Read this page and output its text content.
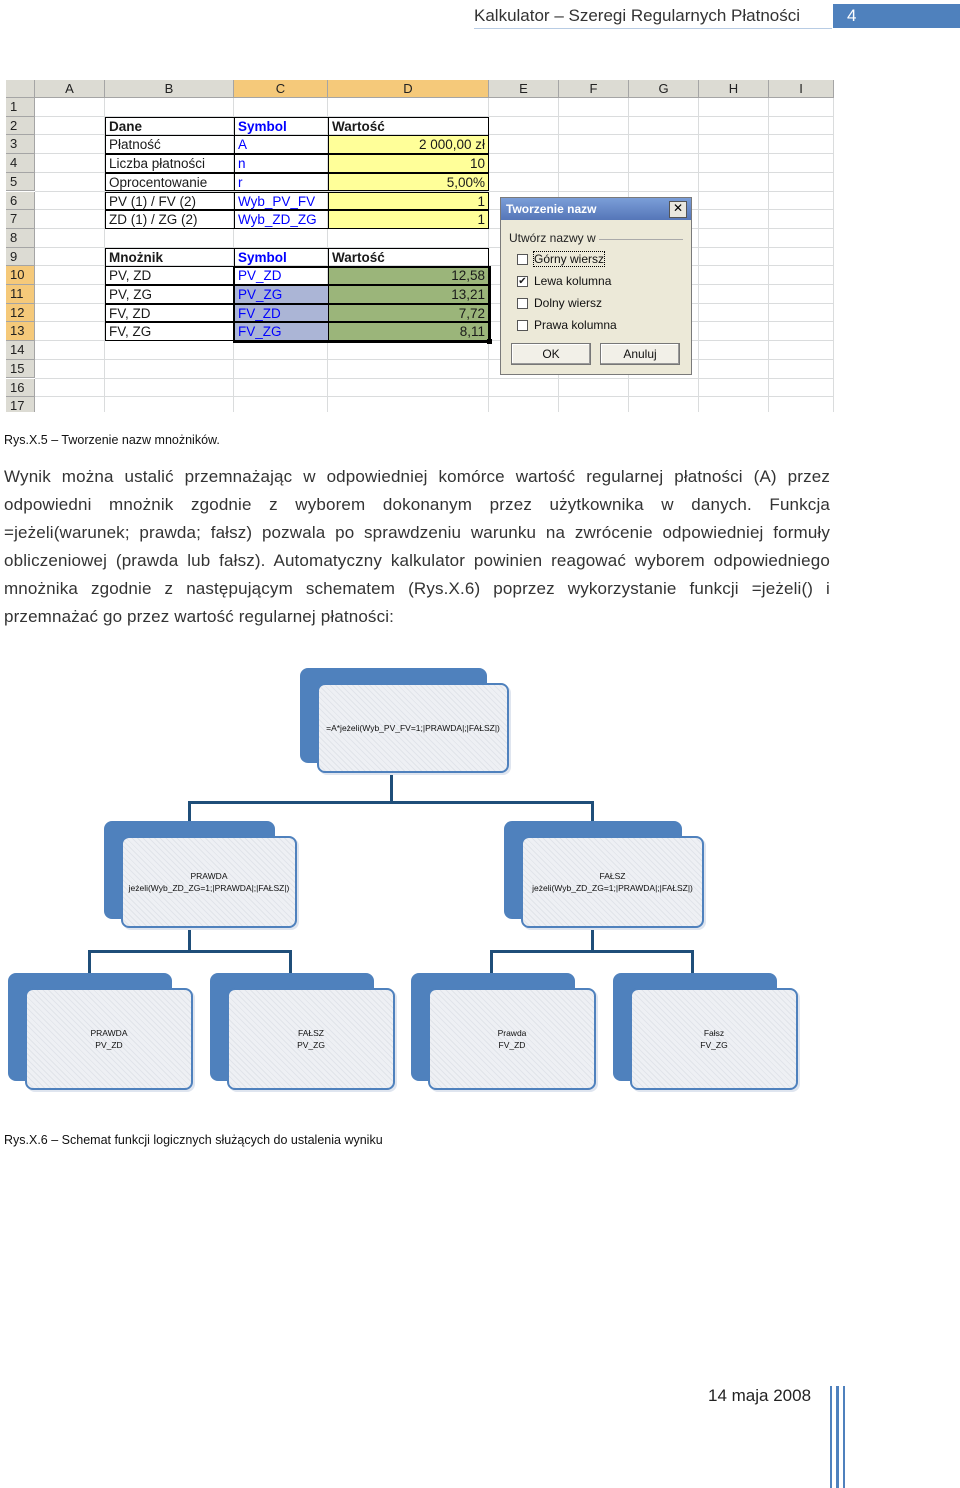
Kalkulator – Szeregi Regularnych Płatności	4
A	B	C	D	E	F	G	H	I
1
2
3
4
5
6
7
8
9
10
11
12
13
14
15
16
17
Dane	Symbol	Wartość
Płatność	A	2 000,00 zł
Liczba płatności	n	10
Oprocentowanie	r	5,00%
PV (1) / FV (2)	Wyb_PV_FV	1
ZD (1) / ZG (2)	Wyb_ZD_ZG	1
Mnożnik	Symbol	Wartość
PV, ZD	PV_ZD	12,58
PV, ZG	PV_ZG	13,21
FV, ZD	FV_ZD	7,72
FV, ZG	FV_ZG	8,11
Tworzenie nazw	✕
Utwórz nazwy w
Górny wiersz
✔ Lewa kolumna
Dolny wiersz
Prawa kolumna
OK	Anuluj
Rys.X.5 – Tworzenie nazw mnożników.
Wynik można ustalić przemnażając w odpowiedniej komórce wartość regularnej płatności (A) przez odpowiedni mnożnik zgodnie z wyborem dokonanym przez użytkownika w danych. Funkcja =jeżeli(warunek; prawda; fałsz) pozwala po sprawdzeniu warunku na zwrócenie odpowiedniej formuły obliczeniowej (prawda lub fałsz). Automatyczny kalkulator powinien reagować wyborem odpowiedniego mnożnika zgodnie z następującym schematem (Rys.X.6) poprzez wykorzystanie funkcji =jeżeli() i przemnażać go przez wartość regularnej płatności:
=A*jeżeli(Wyb_PV_FV=1;|PRAWDA|;|FAŁSZ|)
PRAWDA
jeżeli(Wyb_ZD_ZG=1;|PRAWDA|;|FAŁSZ|)
FAŁSZ
jeżeli(Wyb_ZD_ZG=1;|PRAWDA|;|FAŁSZ|)
PRAWDA
PV_ZD
FAŁSZ
PV_ZG
Prawda
FV_ZD
Fałsz
FV_ZG
Rys.X.6 – Schemat funkcji logicznych służących do ustalenia wyniku
14 maja 2008
